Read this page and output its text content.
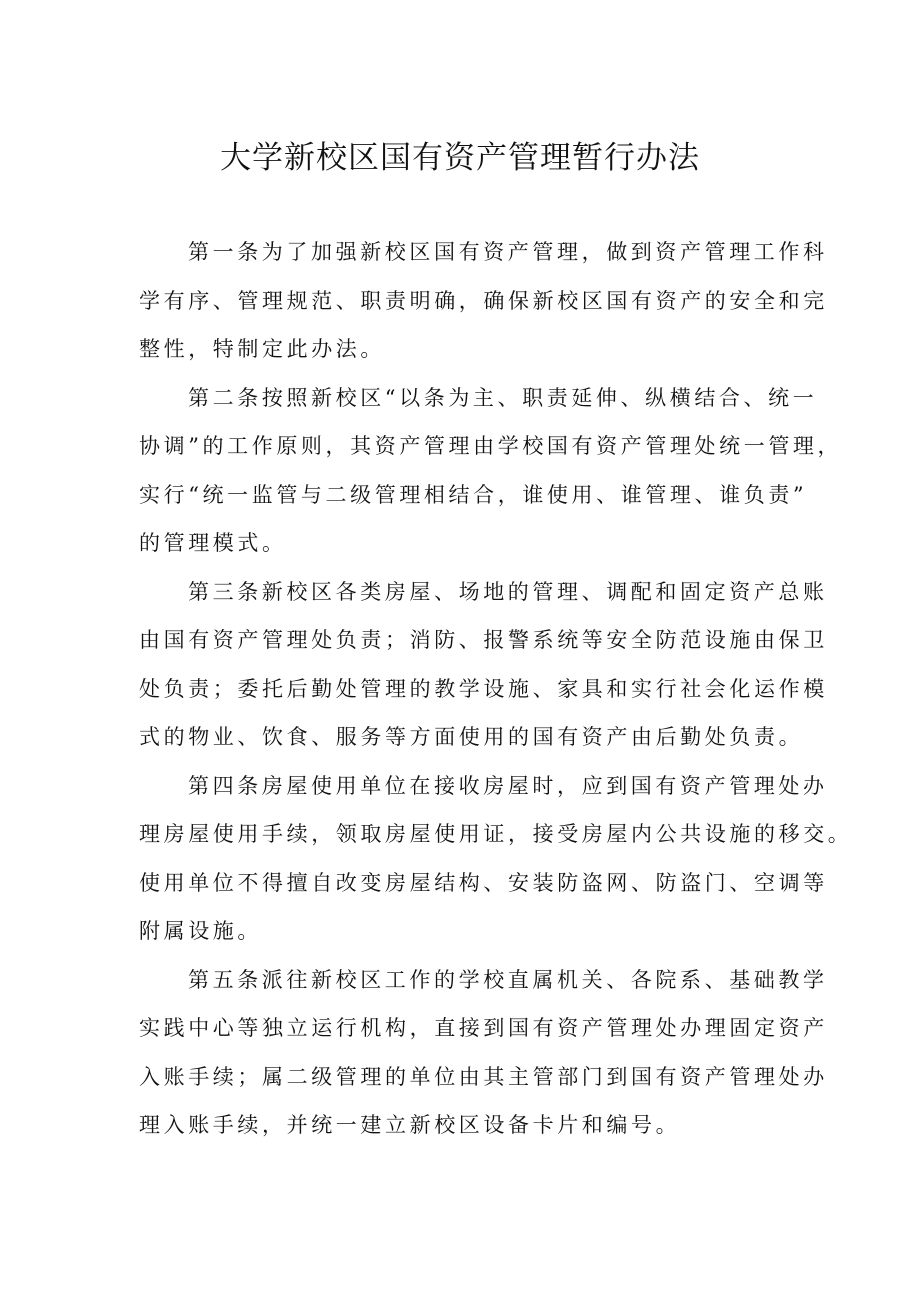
大学新校区国有资产管理暂行办法

第一条为了加强新校区国有资产管理，做到资产管理工作科
学有序、管理规范、职责明确，确保新校区国有资产的安全和完
整性，特制定此办法。

第二条按照新校区“以条为主、职责延伸、纵横结合、统一
协调”的工作原则，其资产管理由学校国有资产管理处统一管理，
实行“统一监管与二级管理相结合，谁使用、谁管理、谁负责”
的管理模式。

第三条新校区各类房屋、场地的管理、调配和固定资产总账
由国有资产管理处负责；消防、报警系统等安全防范设施由保卫
处负责；委托后勤处管理的教学设施、家具和实行社会化运作模
式的物业、饮食、服务等方面使用的国有资产由后勤处负责。

第四条房屋使用单位在接收房屋时，应到国有资产管理处办
理房屋使用手续，领取房屋使用证，接受房屋内公共设施的移交。
使用单位不得擅自改变房屋结构、安装防盗网、防盗门、空调等
附属设施。

第五条派往新校区工作的学校直属机关、各院系、基础教学
实践中心等独立运行机构，直接到国有资产管理处办理固定资产
入账手续；属二级管理的单位由其主管部门到国有资产管理处办
理入账手续，并统一建立新校区设备卡片和编号。
